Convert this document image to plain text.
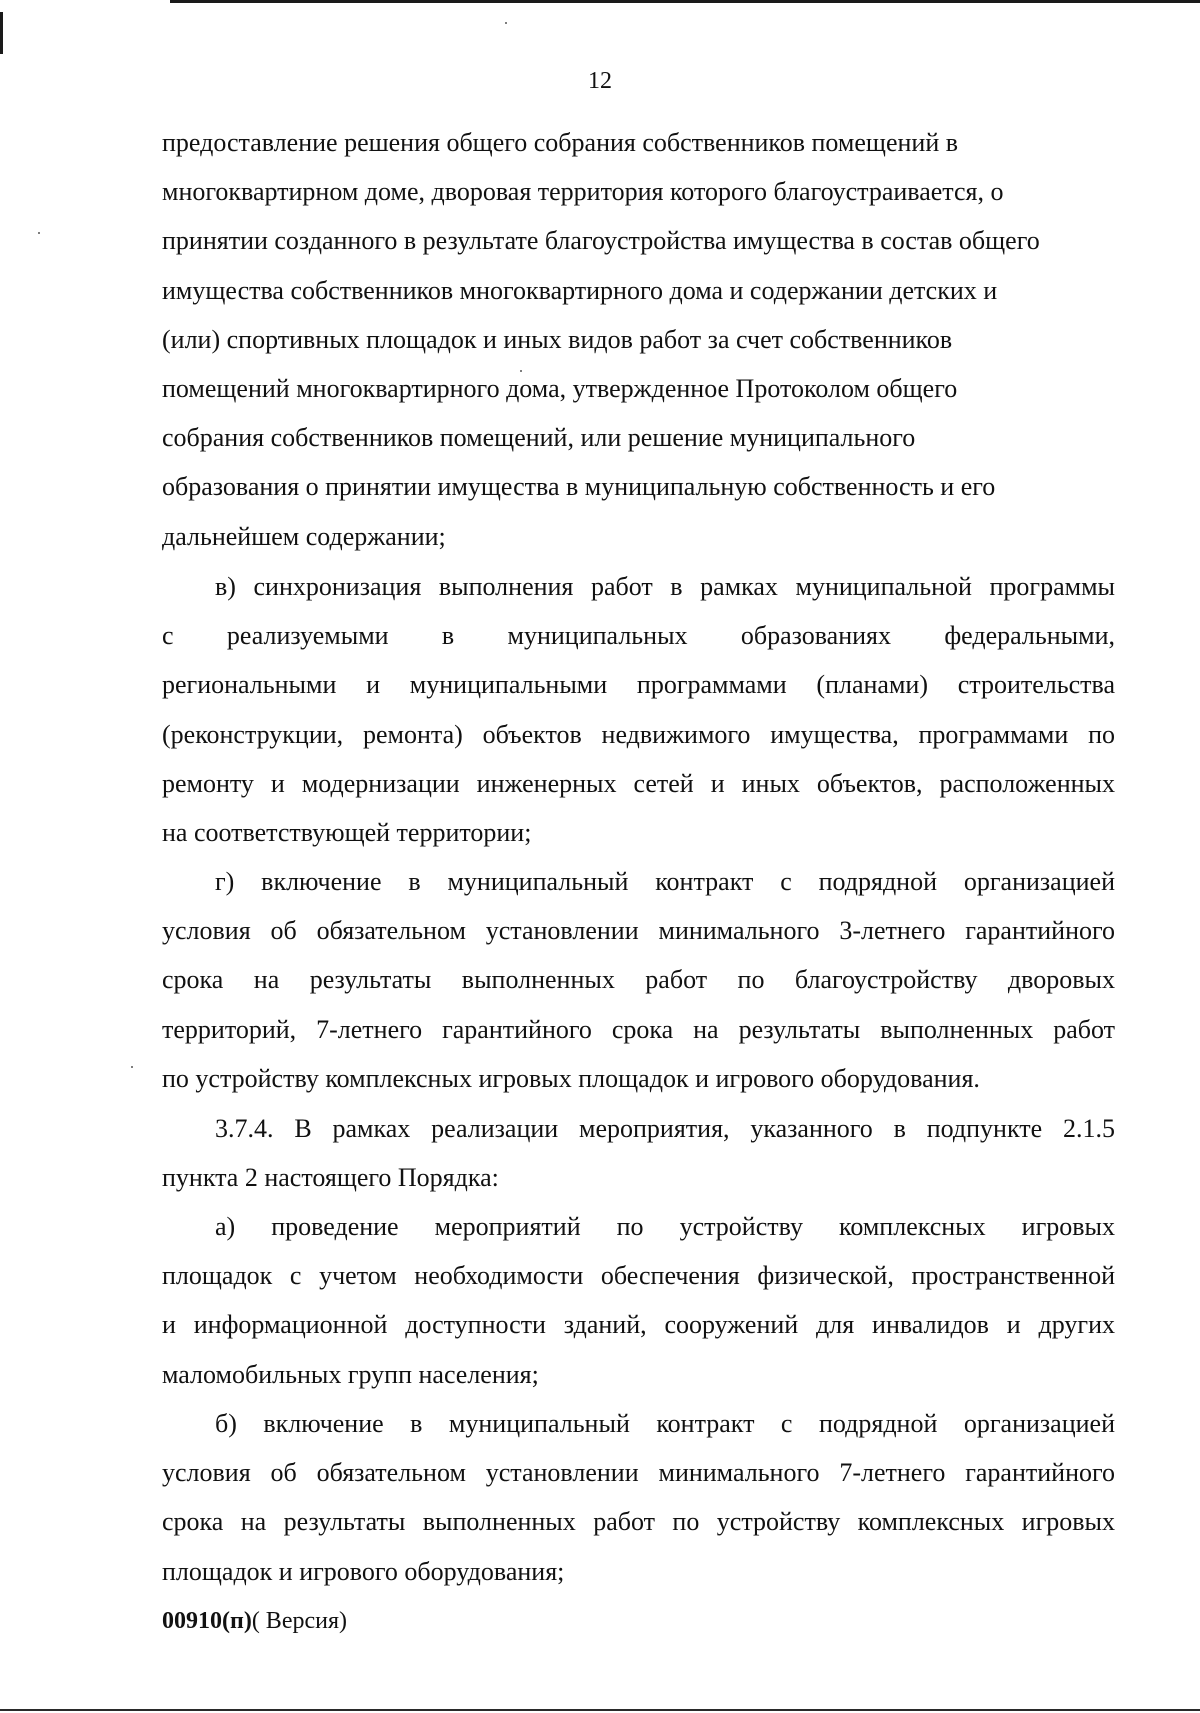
12
предоставление решения общего собрания собственников помещений в
многоквартирном доме, дворовая территория которого благоустраивается, о
принятии созданного в результате благоустройства имущества в состав общего
имущества собственников многоквартирного дома и содержании детских и
(или) спортивных площадок и иных видов работ за счет собственников
помещений многоквартирного дома, утвержденное Протоколом общего
собрания собственников помещений, или решение муниципального
образования о принятии имущества в муниципальную собственность и его
дальнейшем содержании;
в) синхронизация выполнения работ в рамках муниципальной программы
с реализуемыми в муниципальных образованиях федеральными,
региональными и муниципальными программами (планами) строительства
(реконструкции, ремонта) объектов недвижимого имущества, программами по
ремонту и модернизации инженерных сетей и иных объектов, расположенных
на соответствующей территории;
г) включение в муниципальный контракт с подрядной организацией
условия об обязательном установлении минимального 3-летнего гарантийного
срока на результаты выполненных работ по благоустройству дворовых
территорий, 7-летнего гарантийного срока на результаты выполненных работ
по устройству комплексных игровых площадок и игрового оборудования.
3.7.4. В рамках реализации мероприятия, указанного в подпункте 2.1.5
пункта 2 настоящего Порядка:
а) проведение мероприятий по устройству комплексных игровых
площадок с учетом необходимости обеспечения физической, пространственной
и информационной доступности зданий, сооружений для инвалидов и других
маломобильных групп населения;
б) включение в муниципальный контракт с подрядной организацией
условия об обязательном установлении минимального 7-летнего гарантийного
срока на результаты выполненных работ по устройству комплексных игровых
площадок и игрового оборудования;
00910(п)( Версия)
